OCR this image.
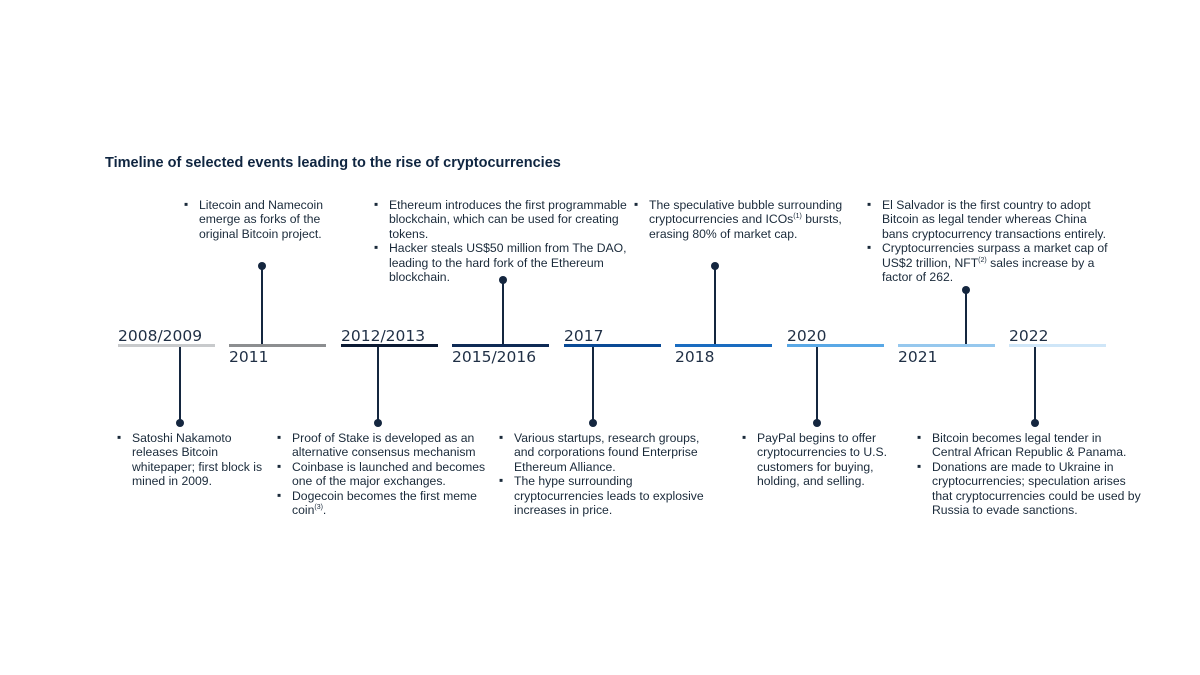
Timeline of selected events leading to the rise of cryptocurrencies
2008/2009
▪ Satoshi Nakamoto releases Bitcoin whitepaper; first block is mined in 2009.
2011
▪ Litecoin and Namecoin emerge as forks of the original Bitcoin project.
2012/2013
▪ Proof of Stake is developed as an alternative consensus mechanism
▪ Coinbase is launched and becomes one of the major exchanges.
▪ Dogecoin becomes the first meme coin$^{(3)}$.
2015/2016
▪ Ethereum introduces the first programmable blockchain, which can be used for creating tokens.
▪ Hacker steals US$50 million from The DAO, leading to the hard fork of the Ethereum blockchain.
2017
▪ Various startups, research groups, and corporations found Enterprise Ethereum Alliance.
▪ The hype surrounding cryptocurrencies leads to explosive increases in price.
2018
▪ The speculative bubble surrounding cryptocurrencies and ICOs$^{(1)}$ bursts, erasing 80% of market cap.
2020
▪ PayPal begins to offer cryptocurrencies to U.S. customers for buying, holding, and selling.
2021
▪ El Salvador is the first country to adopt Bitcoin as legal tender whereas China bans cryptocurrency transactions entirely.
▪ Cryptocurrencies surpass a market cap of US$2 trillion, NFT$^{(2)}$ sales increase by a factor of 262.
2022
▪ Bitcoin becomes legal tender in Central African Republic & Panama.
▪ Donations are made to Ukraine in cryptocurrencies; speculation arises that cryptocurrencies could be used by Russia to evade sanctions.
